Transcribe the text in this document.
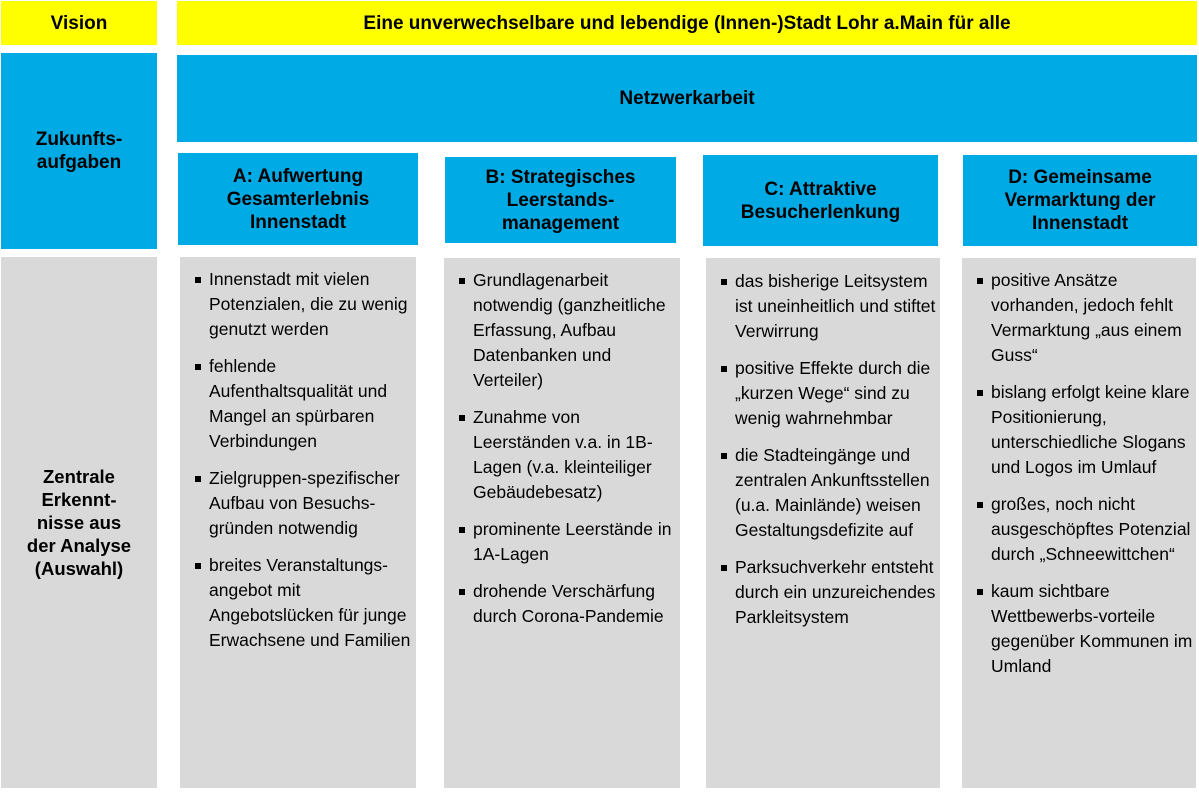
Vision
Zukunfts-
aufgaben
Zentrale
Erkennt-
nisse aus
der Analyse
(Auswahl)
Eine unverwechselbare und lebendige (Innen-)Stadt Lohr a.Main für alle
Netzwerkarbeit
A: Aufwertung
Gesamterlebnis
Innenstadt
Innenstadt mit vielen Potenzialen, die zu wenig genutzt werden
fehlende Aufenthaltsqualität und Mangel an spürbaren Verbindungen
Zielgruppen-spezifischer Aufbau von Besuchs-gründen notwendig
breites Veranstaltungs-angebot mit Angebotslücken für junge Erwachsene und Familien
B: Strategisches
Leerstands-
management
Grundlagenarbeit notwendig (ganzheitliche Erfassung, Aufbau Datenbanken und Verteiler)
Zunahme von Leerständen v.a. in 1B-Lagen (v.a. kleinteiliger Gebäudebesatz)
prominente Leerstände in 1A-Lagen
drohende Verschärfung durch Corona-Pandemie
C: Attraktive
Besucherlenkung
das bisherige Leitsystem ist uneinheitlich und stiftet Verwirrung
positive Effekte durch die „kurzen Wege“ sind zu wenig wahrnehmbar
die Stadteingänge und zentralen Ankunftsstellen (u.a. Mainlände) weisen Gestaltungsdefizite auf
Parksuchverkehr entsteht durch ein unzureichendes Parkleitsystem
D: Gemeinsame
Vermarktung der
Innenstadt
positive Ansätze vorhanden, jedoch fehlt Vermarktung „aus einem Guss“
bislang erfolgt keine klare Positionierung, unterschiedliche Slogans und Logos im Umlauf
großes, noch nicht ausgeschöpftes Potenzial durch „Schneewittchen“
kaum sichtbare Wettbewerbs-vorteile gegenüber Kommunen im Umland
